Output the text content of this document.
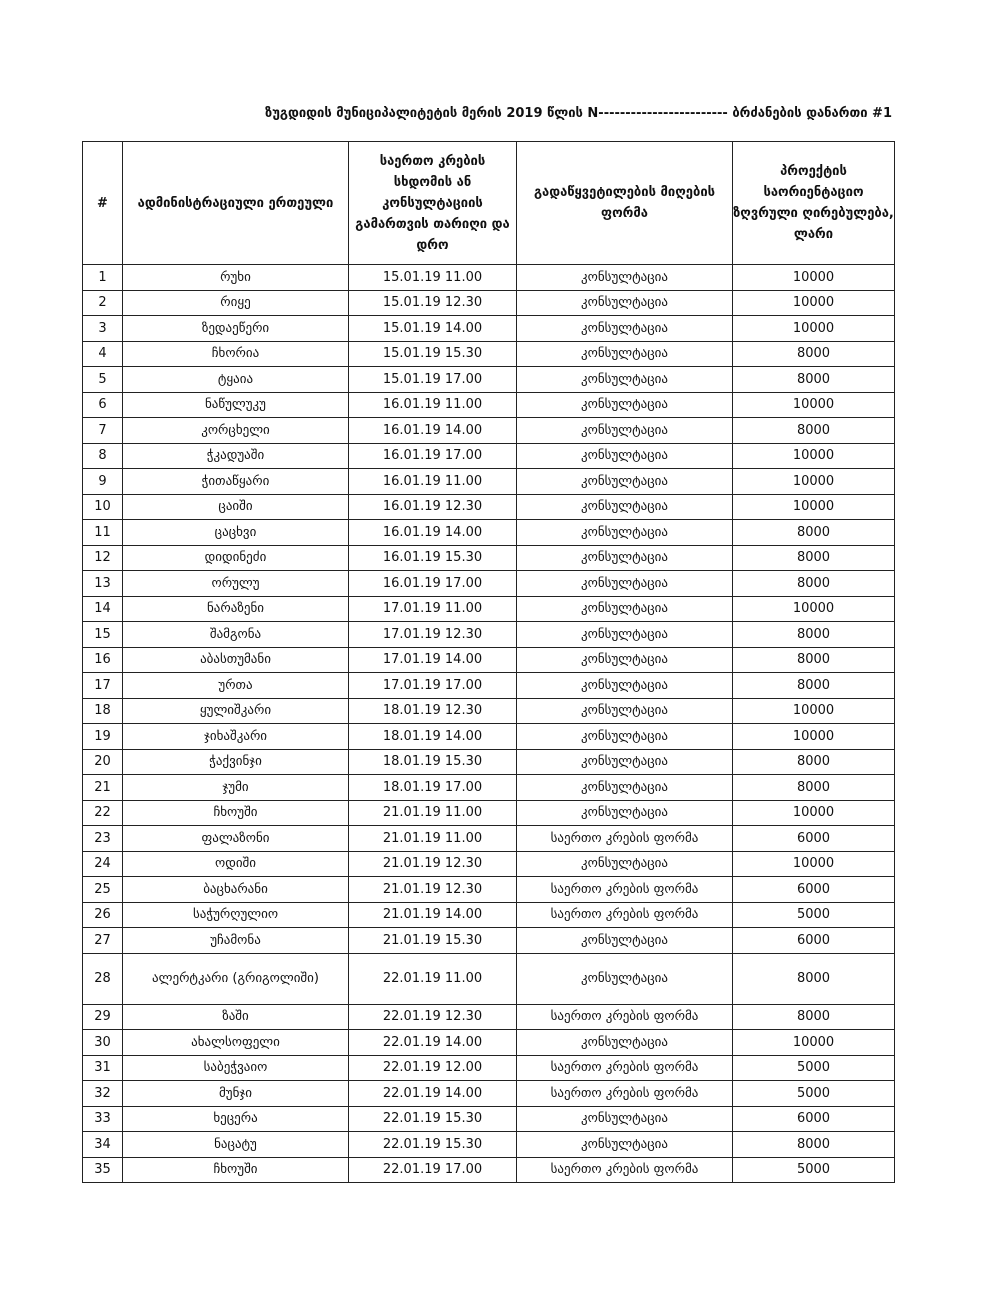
ზუგდიდის მუნიციპალიტეტის მერის 2019 წლის N------------------------ ბრძანების დანართი #1
#	ადმინისტრაციული ერთეული	საერთო კრების სხდომის ან კონსულტაციის გამართვის თარიღი და დრო	გადაწყვეტილების მიღების ფორმა	პროექტის საორიენტაციო ზღვრული ღირებულება, ლარი
1	რუხი	15.01.19 11.00	კონსულტაცია	10000
2	რიყე	15.01.19 12.30	კონსულტაცია	10000
3	ზედაეწერი	15.01.19 14.00	კონსულტაცია	10000
4	ჩხორია	15.01.19 15.30	კონსულტაცია	8000
5	ტყაია	15.01.19 17.00	კონსულტაცია	8000
6	ნაწულუკუ	16.01.19 11.00	კონსულტაცია	10000
7	კორცხელი	16.01.19 14.00	კონსულტაცია	8000
8	ჭკადუაში	16.01.19 17.00	კონსულტაცია	10000
9	ჭითაწყარი	16.01.19 11.00	კონსულტაცია	10000
10	ცაიში	16.01.19 12.30	კონსულტაცია	10000
11	ცაცხვი	16.01.19 14.00	კონსულტაცია	8000
12	დიდინეძი	16.01.19 15.30	კონსულტაცია	8000
13	ორულუ	16.01.19 17.00	კონსულტაცია	8000
14	ნარაზენი	17.01.19 11.00	კონსულტაცია	10000
15	შამგონა	17.01.19 12.30	კონსულტაცია	8000
16	აბასთუმანი	17.01.19 14.00	კონსულტაცია	8000
17	ურთა	17.01.19 17.00	კონსულტაცია	8000
18	ყულიშკარი	18.01.19 12.30	კონსულტაცია	10000
19	ჯიხაშკარი	18.01.19 14.00	კონსულტაცია	10000
20	ჭაქვინჯი	18.01.19 15.30	კონსულტაცია	8000
21	ჯუმი	18.01.19 17.00	კონსულტაცია	8000
22	ჩხოუში	21.01.19 11.00	კონსულტაცია	10000
23	ფალაზონი	21.01.19 11.00	საერთო კრების ფორმა	6000
24	ოდიში	21.01.19 12.30	კონსულტაცია	10000
25	ბაცხარანი	21.01.19 12.30	საერთო კრების ფორმა	6000
26	საჭურღულიო	21.01.19 14.00	საერთო კრების ფორმა	5000
27	უჩამონა	21.01.19 15.30	კონსულტაცია	6000
28	ალერტკარი (გრიგოლიში)	22.01.19 11.00	კონსულტაცია	8000
29	ზაში	22.01.19 12.30	საერთო კრების ფორმა	8000
30	ახალსოფელი	22.01.19 14.00	კონსულტაცია	10000
31	საბეჭვაიო	22.01.19 12.00	საერთო კრების ფორმა	5000
32	მუნჯი	22.01.19 14.00	საერთო კრების ფორმა	5000
33	ხეცერა	22.01.19 15.30	კონსულტაცია	6000
34	ნაცატუ	22.01.19 15.30	კონსულტაცია	8000
35	ჩხოუში	22.01.19 17.00	საერთო კრების ფორმა	5000
